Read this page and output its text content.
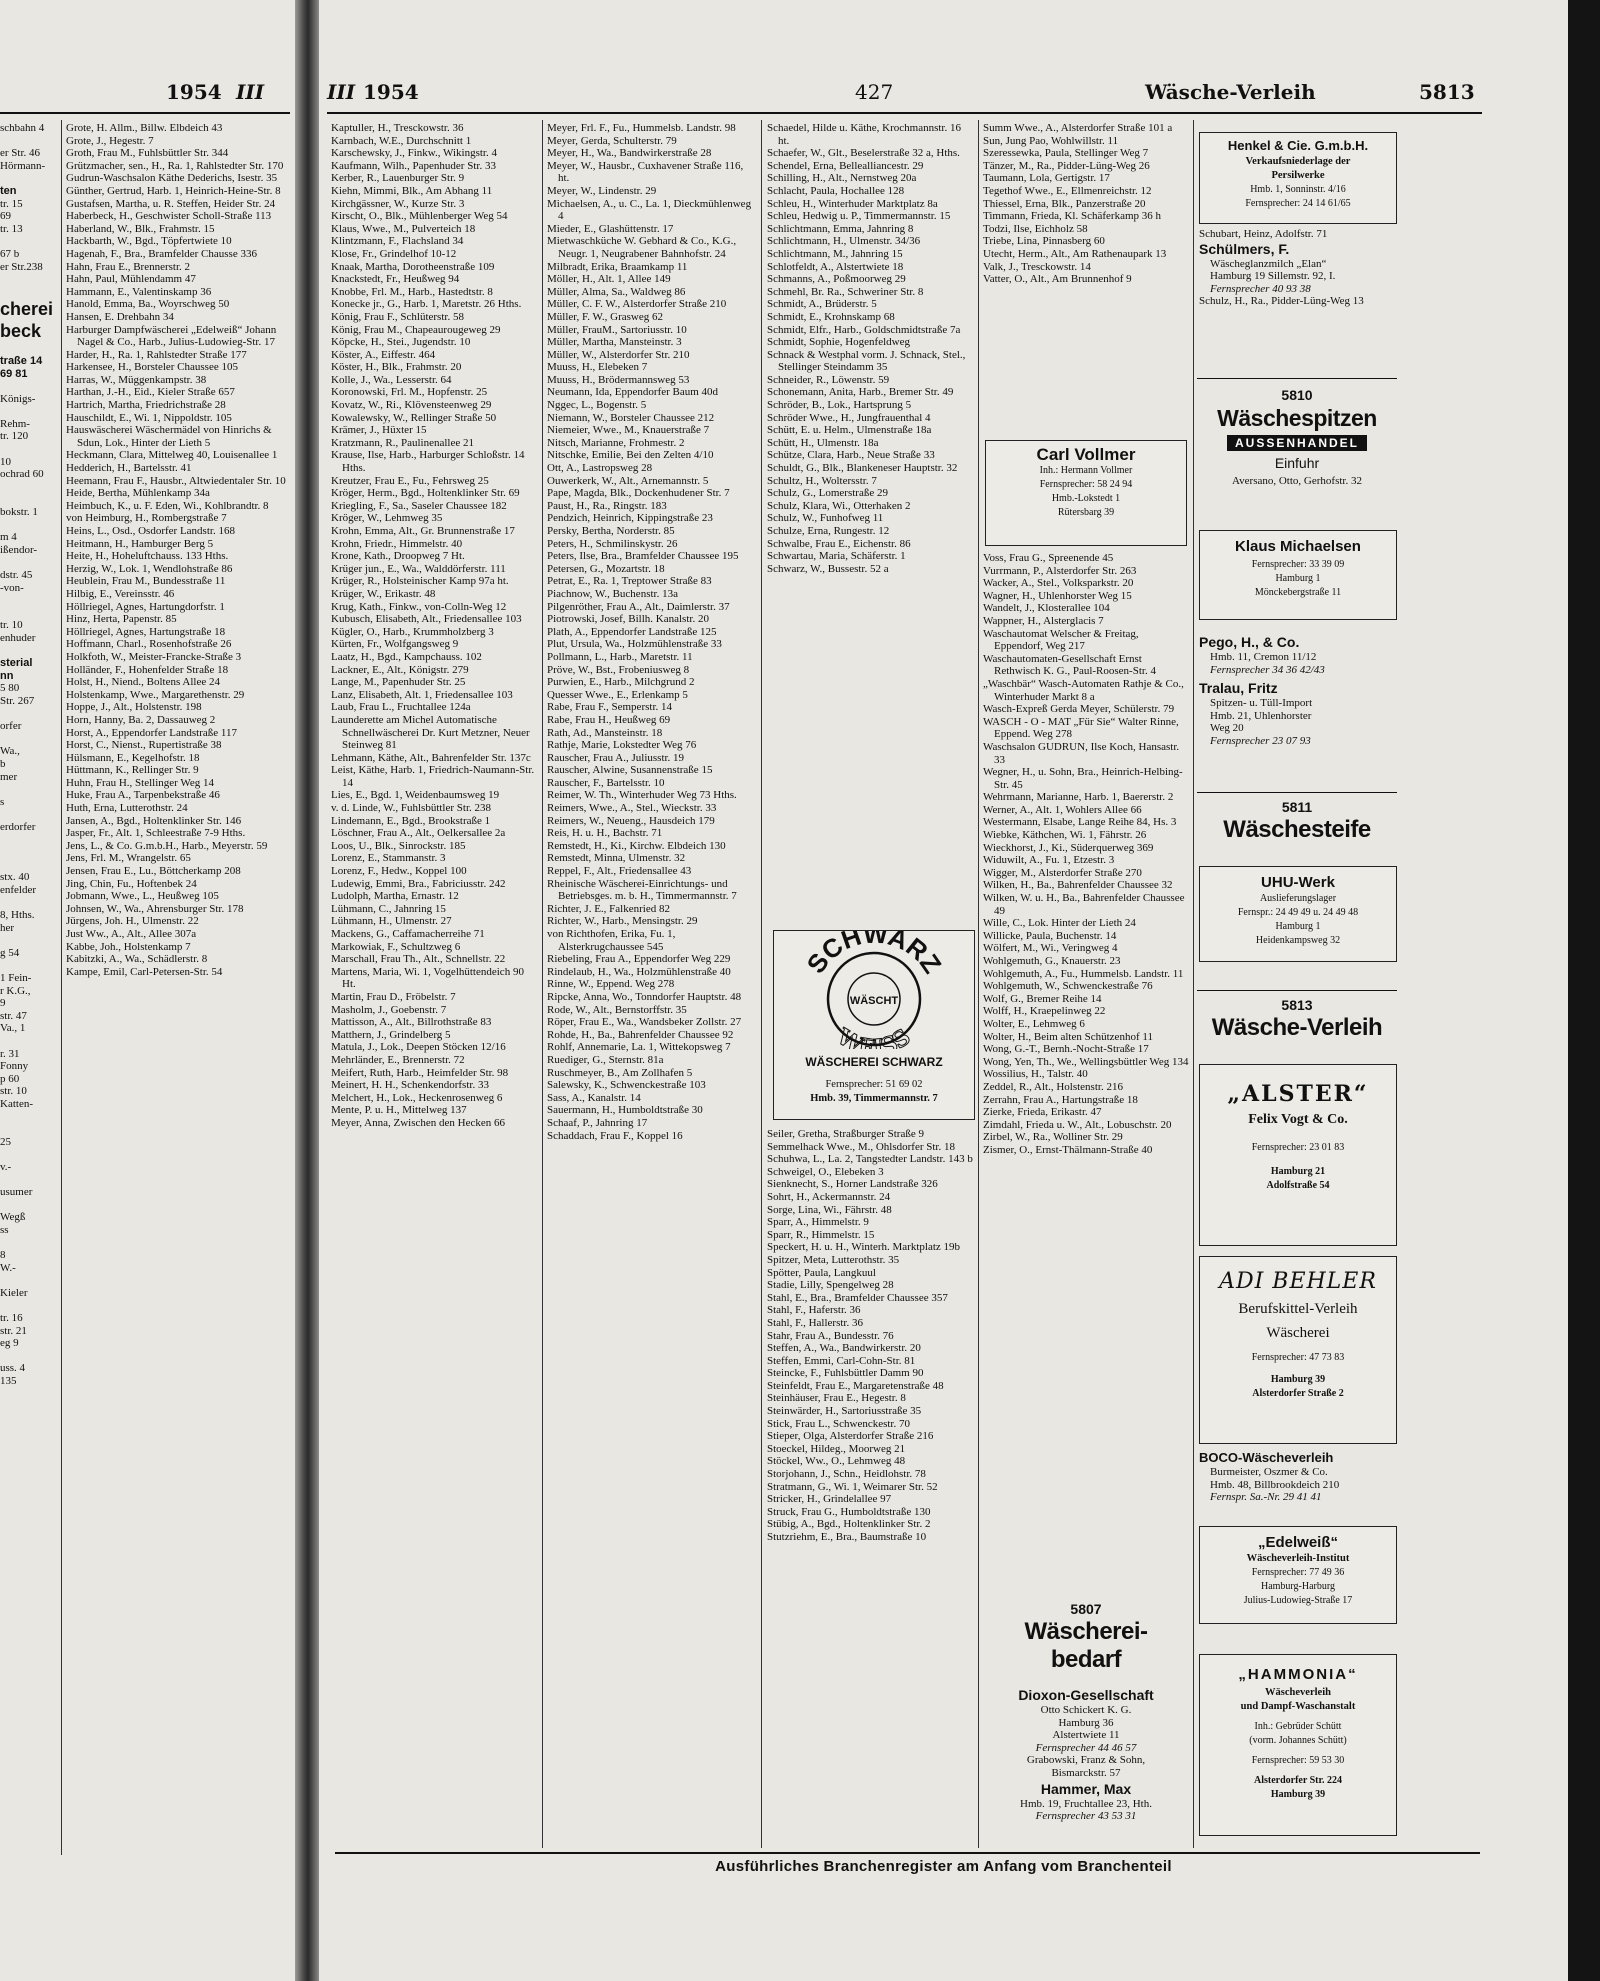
1954 III
schbahn 4

er Str. 46
Hörmann-

ten
tr. 15
69
tr. 13

67 b
er Str.238

cherei
beck

traße 14
69 81

Königs-

Rehm-
tr. 120

10
ochrad 60

bokstr. 1

m 4
ißendor-

dstr. 45
-von-

tr. 10
enhuder

sterial
nn
5 80
Str. 267

orfer

Wa.,
b
mer

s

erdorfer

stx. 40
enfelder

8, Hths.
her

g 54

1 Fein-
r K.G.,
9
str. 47
Va., 1

r. 31
Fonny
p 60
str. 10
Katten-

25

v.-

usumer

Wegß
ss

8
W.-

Kieler

tr. 16
str. 21
eg 9

uss. 4
135
Grote, H. Allm., Billw. Elbdeich 43
Grote, J., Hegestr. 7
Groth, Frau M., Fuhlsbüttler Str. 344
Grützmacher, sen., H., Ra. 1, Rahlstedter Str. 170
Gudrun-Waschsalon Käthe Dederichs, Isestr. 35
Günther, Gertrud, Harb. 1, Heinrich-Heine-Str. 8
Gustafsen, Martha, u. R. Steffen, Heider Str. 24
Haberbeck, H., Geschwister Scholl-Straße 113
Haberland, W., Blk., Frahmstr. 15
Hackbarth, W., Bgd., Töpfertwiete 10
Hagenah, F., Bra., Bramfelder Chausse 336
Hahn, Frau E., Brennerstr. 2
Hahn, Paul, Mühlendamm 47
Hammann, E., Valentinskamp 36
Hanold, Emma, Ba., Woyrschweg 50
Hansen, E. Drehbahn 34
Harburger Dampfwäscherei „Edelweiß“ Johann Nagel & Co., Harb., Julius-Ludowieg-Str. 17
Harder, H., Ra. 1, Rahlstedter Straße 177
Harkensee, H., Borsteler Chaussee 105
Harras, W., Müggenkampstr. 38
Harthan, J.-H., Eid., Kieler Straße 657
Hartrich, Martha, Friedrichstraße 28
Hauschildt, E., Wi. 1, Nippoldstr. 105
Hauswäscherei Wäschermädel von Hinrichs & Sdun, Lok., Hinter der Lieth 5
Heckmann, Clara, Mittelweg 40, Louisenallee 1
Hedderich, H., Bartelsstr. 41
Heemann, Frau F., Hausbr., Altwiedentaler Str. 10
Heide, Bertha, Mühlenkamp 34a
Heimbuch, K., u. F. Eden, Wi., Kohlbrandtr. 8
von Heimburg, H., Rombergstraße 7
Heins, L., Osd., Osdorfer Landstr. 168
Heitmann, H., Hamburger Berg 5
Heite, H., Hoheluftchauss. 133 Hths.
Herzig, W., Lok. 1, Wendlohstraße 86
Heublein, Frau M., Bundesstraße 11
Hilbig, E., Vereinsstr. 46
Höllriegel, Agnes, Hartungdorfstr. 1
Hinz, Herta, Papenstr. 85
Höllriegel, Agnes, Hartungstraße 18
Hoffmann, Charl., Rosenhofstraße 26
Holkfoth, W., Meister-Francke-Straße 3
Holländer, F., Hohenfelder Straße 18
Holst, H., Niend., Boltens Allee 24
Holstenkamp, Wwe., Margarethenstr. 29
Hoppe, J., Alt., Holstenstr. 198
Horn, Hanny, Ba. 2, Dassauweg 2
Horst, A., Eppendorfer Landstraße 117
Horst, C., Nienst., Rupertistraße 38
Hülsmann, E., Kegelhofstr. 18
Hüttmann, K., Rellinger Str. 9
Huhn, Frau H., Stellinger Weg 14
Huke, Frau A., Tarpenbekstraße 46
Huth, Erna, Lutterothstr. 24
Jansen, A., Bgd., Holtenklinker Str. 146
Jasper, Fr., Alt. 1, Schleestraße 7-9 Hths.
Jens, L., & Co. G.m.b.H., Harb., Meyerstr. 59
Jens, Frl. M., Wrangelstr. 65
Jensen, Frau E., Lu., Böttcherkamp 208
Jing, Chin, Fu., Hoftenbek 24
Jobmann, Wwe., L., Heußweg 105
Johnsen, W., Wa., Ahrensburger Str. 178
Jürgens, Joh. H., Ulmenstr. 22
Just Ww., A., Alt., Allee 307a
Kabbe, Joh., Holstenkamp 7
Kabitzki, A., Wa., Schädlerstr. 8
Kampe, Emil, Carl-Petersen-Str. 54
III 1954	427	Wäsche-Verleih	5813
Kaptuller, H., Tresckowstr. 36
Karnbach, W.E., Durchschnitt 1
Karschewsky, J., Finkw., Wikingstr. 4
Kaufmann, Wilh., Papenhuder Str. 33
Kerber, R., Lauenburger Str. 9
Kiehn, Mimmi, Blk., Am Abhang 11
Kirchgässner, W., Kurze Str. 3
Kirscht, O., Blk., Mühlenberger Weg 54
Klaus, Wwe., M., Pulverteich 18
Klintzmann, F., Flachsland 34
Klose, Fr., Grindelhof 10-12
Knaak, Martha, Dorotheenstraße 109
Knackstedt, Fr., Heußweg 94
Knobbe, Frl. M., Harb., Hastedtstr. 8
Konecke jr., G., Harb. 1, Maretstr. 26 Hths.
König, Frau F., Schlüterstr. 58
König, Frau M., Chapeaurougeweg 29
Köpcke, H., Stei., Jugendstr. 10
Köster, A., Eiffestr. 464
Köster, H., Blk., Frahmstr. 20
Kolle, J., Wa., Lesserstr. 64
Koronowski, Frl. M., Hopfenstr. 25
Kovatz, W., Ri., Klövensteenweg 29
Kowalewsky, W., Rellinger Straße 50
Krämer, J., Hüxter 15
Kratzmann, R., Paulinenallee 21
Krause, Ilse, Harb., Harburger Schloßstr. 14 Hths.
Kreutzer, Frau E., Fu., Fehrsweg 25
Kröger, Herm., Bgd., Holtenklinker Str. 69
Kriegling, F., Sa., Saseler Chaussee 182
Kröger, W., Lehmweg 35
Krohn, Emma, Alt., Gr. Brunnenstraße 17
Krohn, Friedr., Himmelstr. 40
Krone, Kath., Droopweg 7 Ht.
Krüger jun., E., Wa., Walddörferstr. 111
Krüger, R., Holsteinischer Kamp 97a ht.
Krüger, W., Erikastr. 48
Krug, Kath., Finkw., von-Colln-Weg 12
Kubusch, Elisabeth, Alt., Friedensallee 103
Kügler, O., Harb., Krummholzberg 3
Kürten, Fr., Wolfgangsweg 9
Laatz, H., Bgd., Kampchauss. 102
Lackner, E., Alt., Königstr. 279
Lange, M., Papenhuder Str. 25
Lanz, Elisabeth, Alt. 1, Friedensallee 103
Laub, Frau L., Fruchtallee 124a
Launderette am Michel Automatische Schnellwäscherei Dr. Kurt Metzner, Neuer Steinweg 81
Lehmann, Käthe, Alt., Bahrenfelder Str. 137c
Leist, Käthe, Harb. 1, Friedrich-Naumann-Str. 14
Lies, E., Bgd. 1, Weidenbaumsweg 19
v. d. Linde, W., Fuhlsbüttler Str. 238
Lindemann, E., Bgd., Brookstraße 1
Löschner, Frau A., Alt., Oelkersallee 2a
Loos, U., Blk., Sinrockstr. 185
Lorenz, E., Stammanstr. 3
Lorenz, F., Hedw., Koppel 100
Ludewig, Emmi, Bra., Fabriciusstr. 242
Ludolph, Martha, Ernastr. 12
Lühmann, C., Jahnring 15
Lühmann, H., Ulmenstr. 27
Mackens, G., Caffamacherreihe 71
Markowiak, F., Schultzweg 6
Marschall, Frau Th., Alt., Schnellstr. 22
Martens, Maria, Wi. 1, Vogelhüttendeich 90 Ht.
Martin, Frau D., Fröbelstr. 7
Masholm, J., Goebenstr. 7
Mattisson, A., Alt., Billrothstraße 83
Matthern, J., Grindelberg 5
Matula, J., Lok., Deepen Stöcken 12/16
Mehrländer, E., Brennerstr. 72
Meifert, Ruth, Harb., Heimfelder Str. 98
Meinert, H. H., Schenkendorfstr. 33
Melchert, H., Lok., Heckenrosenweg 6
Mente, P. u. H., Mittelweg 137
Meyer, Anna, Zwischen den Hecken 66
Meyer, Frl. F., Fu., Hummelsb. Landstr. 98
Meyer, Gerda, Schulterstr. 79
Meyer, H., Wa., Bandwirkerstraße 28
Meyer, W., Hausbr., Cuxhavener Straße 116, ht.
Meyer, W., Lindenstr. 29
Michaelsen, A., u. C., La. 1, Dieckmühlenweg 4
Mieder, E., Glashüttenstr. 17
Mietwaschküche W. Gebhard & Co., K.G., Neugr. 1, Neugrabener Bahnhofstr. 24
Milbradt, Erika, Braamkamp 11
Möller, H., Alt. 1, Allee 149
Müller, Alma, Sa., Waldweg 86
Müller, C. F. W., Alsterdorfer Straße 210
Müller, F. W., Grasweg 62
Müller, FrauM., Sartoriusstr. 10
Müller, Martha, Mansteinstr. 3
Müller, W., Alsterdorfer Str. 210
Muuss, H., Elebeken 7
Muuss, H., Brödermannsweg 53
Neumann, Ida, Eppendorfer Baum 40d
Nggec, L., Bogenstr. 5
Niemann, W., Borsteler Chaussee 212
Niemeier, Wwe., M., Knauerstraße 7
Nitsch, Marianne, Frohmestr. 2
Nitschke, Emilie, Bei den Zelten 4/10
Ott, A., Lastropsweg 28
Ouwerkerk, W., Alt., Arnemannstr. 5
Pape, Magda, Blk., Dockenhudener Str. 7
Paust, H., Ra., Ringstr. 183
Pendzich, Heinrich, Kippingstraße 23
Persky, Bertha, Norderstr. 85
Peters, H., Schmilinskystr. 26
Peters, Ilse, Bra., Bramfelder Chaussee 195
Petersen, G., Mozartstr. 18
Petrat, E., Ra. 1, Treptower Straße 83
Piachnow, W., Buchenstr. 13a
Pilgenröther, Frau A., Alt., Daimlerstr. 37
Piotrowski, Josef, Billh. Kanalstr. 20
Plath, A., Eppendorfer Landstraße 125
Plut, Ursula, Wa., Holzmühlenstraße 33
Pollmann, L., Harb., Maretstr. 11
Pröve, W., Bst., Frobeniusweg 8
Purwien, E., Harb., Milchgrund 2
Quesser Wwe., E., Erlenkamp 5
Rabe, Frau F., Semperstr. 14
Rabe, Frau H., Heußweg 69
Rath, Ad., Mansteinstr. 18
Rathje, Marie, Lokstedter Weg 76
Rauscher, Frau A., Juliusstr. 19
Rauscher, Alwine, Susannenstraße 15
Rauscher, F., Bartelsstr. 10
Reimer, W. Th., Winterhuder Weg 73 Hths.
Reimers, Wwe., A., Stel., Wieckstr. 33
Reimers, W., Neueng., Hausdeich 179
Reis, H. u. H., Bachstr. 71
Remstedt, H., Ki., Kirchw. Elbdeich 130
Remstedt, Minna, Ulmenstr. 32
Reppel, F., Alt., Friedensallee 43
Rheinische Wäscherei-Einrichtungs- und Betriebsges. m. b. H., Timmermannstr. 7
Richter, J. E., Falkenried 82
Richter, W., Harb., Mensingstr. 29
von Richthofen, Erika, Fu. 1, Alsterkrugchaussee 545
Riebeling, Frau A., Eppendorfer Weg 229
Rindelaub, H., Wa., Holzmühlenstraße 40
Rinne, W., Eppend. Weg 278
Ripcke, Anna, Wo., Tonndorfer Hauptstr. 48
Rode, W., Alt., Bernstorffstr. 35
Röper, Frau E., Wa., Wandsbeker Zollstr. 27
Rohde, H., Ba., Bahrenfelder Chaussee 92
Rohlf, Annemarie, La. 1, Wittekopsweg 7
Ruediger, G., Sternstr. 81a
Ruschmeyer, B., Am Zollhafen 5
Salewsky, K., Schwenckestraße 103
Sass, A., Kanalstr. 14
Sauermann, H., Humboldtstraße 30
Schaaf, P., Jahnring 17
Schaddach, Frau F., Koppel 16
Schaedel, Hilde u. Käthe, Krochmannstr. 16 ht.
Schaefer, W., Glt., Beselerstraße 32 a, Hths.
Schendel, Erna, Bellealliancestr. 29
Schilling, H., Alt., Nernstweg 20a
Schlacht, Paula, Hochallee 128
Schleu, H., Winterhuder Marktplatz 8a
Schleu, Hedwig u. P., Timmermannstr. 15
Schlichtmann, Emma, Jahnring 8
Schlichtmann, H., Ulmenstr. 34/36
Schlichtmann, M., Jahnring 15
Schlotfeldt, A., Alstertwiete 18
Schmanns, A., Poßmoorweg 29
Schmehl, Br. Ra., Schweriner Str. 8
Schmidt, A., Brüderstr. 5
Schmidt, E., Krohnskamp 68
Schmidt, Elfr., Harb., Goldschmidtstraße 7a
Schmidt, Sophie, Hogenfeldweg
Schnack & Westphal vorm. J. Schnack, Stel., Stellinger Steindamm 35
Schneider, R., Löwenstr. 59
Schonemann, Anita, Harb., Bremer Str. 49
Schröder, B., Lok., Hartsprung 5
Schröder Wwe., H., Jungfrauenthal 4
Schütt, E. u. Helm., Ulmenstraße 18a
Schütt, H., Ulmenstr. 18a
Schütze, Clara, Harb., Neue Straße 33
Schuldt, G., Blk., Blankeneser Hauptstr. 32
Schultz, H., Woltersstr. 7
Schulz, G., Lomerstraße 29
Schulz, Klara, Wi., Otterhaken 2
Schulz, W., Funhofweg 11
Schulze, Erna, Rungestr. 12
Schwalbe, Frau E., Eichenstr. 86
Schwartau, Maria, Schäferstr. 1
Schwarz, W., Bussestr. 52 a
Seiler, Gretha, Straßburger Straße 9
Semmelhack Wwe., M., Ohlsdorfer Str. 18
Schuhwa, L., La. 2, Tangstedter Landstr. 143 b
Schweigel, O., Elebeken 3
Sienknecht, S., Horner Landstraße 326
Sohrt, H., Ackermannstr. 24
Sorge, Lina, Wi., Fährstr. 48
Sparr, A., Himmelstr. 9
Sparr, R., Himmelstr. 15
Speckert, H. u. H., Winterh. Marktplatz 19b
Spitzer, Meta, Lutterothstr. 35
Spötter, Paula, Langkuul
Stadie, Lilly, Spengelweg 28
Stahl, E., Bra., Bramfelder Chaussee 357
Stahl, F., Haferstr. 36
Stahl, F., Hallerstr. 36
Stahr, Frau A., Bundesstr. 76
Steffen, A., Wa., Bandwirkerstr. 20
Steffen, Emmi, Carl-Cohn-Str. 81
Steincke, F., Fuhlsbüttler Damm 90
Steinfeldt, Frau E., Margaretenstraße 48
Steinhäuser, Frau E., Hegestr. 8
Steinwärder, H., Sartoriusstraße 35
Stick, Frau L., Schwenckestr. 70
Stieper, Olga, Alsterdorfer Straße 216
Stoeckel, Hildeg., Moorweg 21
Stöckel, Ww., O., Lehmweg 48
Storjohann, J., Schn., Heidlohstr. 78
Stratmann, G., Wi. 1, Weimarer Str. 52
Stricker, H., Grindelallee 97
Struck, Frau G., Humboldtstraße 130
Stübig, A., Bgd., Holtenklinker Str. 2
Stutzriehm, E., Bra., Baumstraße 10
Summ Wwe., A., Alsterdorfer Straße 101 a
Sun, Jung Pao, Wohlwillstr. 11
Szeressewka, Paula, Stellinger Weg 7
Tänzer, M., Ra., Pidder-Lüng-Weg 26
Taumann, Lola, Gertigstr. 17
Tegethof Wwe., E., Ellmenreichstr. 12
Thiessel, Erna, Blk., Panzerstraße 20
Timmann, Frieda, Kl. Schäferkamp 36 h
Todzi, Ilse, Eichholz 58
Triebe, Lina, Pinnasberg 60
Utecht, Herm., Alt., Am Rathenaupark 13
Valk, J., Tresckowstr. 14
Vatter, O., Alt., Am Brunnenhof 9
Carl Vollmer
Inh.: Hermann Vollmer
Fernsprecher: 58 24 94
Hmb.-Lokstedt 1
Rütersbarg 39
Voss, Frau G., Spreenende 45
Vurrmann, P., Alsterdorfer Str. 263
Wacker, A., Stel., Volksparkstr. 20
Wagner, H., Uhlenhorster Weg 15
Wandelt, J., Klosterallee 104
Wappner, H., Alsterglacis 7
Waschautomat Welscher & Freitag, Eppendorf, Weg 217
Waschautomaten-Gesellschaft Ernst Rethwisch K. G., Paul-Roosen-Str. 4
„Waschbär“ Wasch-Automaten Rathje & Co., Winterhuder Markt 8 a
Wasch-Expreß Gerda Meyer, Schülerstr. 79
WASCH - O - MAT „Für Sie“ Walter Rinne, Eppend. Weg 278
Waschsalon GUDRUN, Ilse Koch, Hansastr. 33
Wegner, H., u. Sohn, Bra., Heinrich-Helbing-Str. 45
Wehrmann, Marianne, Harb. 1, Baererstr. 2
Werner, A., Alt. 1, Wohlers Allee 66
Westermann, Elsabe, Lange Reihe 84, Hs. 3
Wiebke, Käthchen, Wi. 1, Fährstr. 26
Wieckhorst, J., Ki., Süderquerweg 369
Widuwilt, A., Fu. 1, Etzestr. 3
Wigger, M., Alsterdorfer Straße 270
Wilken, H., Ba., Bahrenfelder Chaussee 32
Wilken, W. u. H., Ba., Bahrenfelder Chaussee 49
Wille, C., Lok. Hinter der Lieth 24
Willicke, Paula, Buchenstr. 14
Wölfert, M., Wi., Veringweg 4
Wohlgemuth, G., Knauerstr. 23
Wohlgemuth, A., Fu., Hummelsb. Landstr. 11
Wohlgemuth, W., Schwenckestraße 76
Wolf, G., Bremer Reihe 14
Wolff, H., Kraepelinweg 22
Wolter, E., Lehmweg 6
Wolter, H., Beim alten Schützenhof 11
Wong, G.-T., Bernh.-Nocht-Straße 17
Wong, Yen, Th., We., Wellingsbüttler Weg 134
Wossilius, H., Talstr. 40
Zeddel, R., Alt., Holstenstr. 216
Zerrahn, Frau A., Hartungstraße 18
Zierke, Frieda, Erikastr. 47
Zimdahl, Frieda u. W., Alt., Lobuschstr. 20
Zirbel, W., Ra., Wolliner Str. 29
Zismer, O., Ernst-Thälmann-Straße 40
5807
Wäscherei-
bedarf
Dioxon-Gesellschaft
Otto Schickert K. G.
Hamburg 36
Alstertwiete 11
Fernsprecher 44 46 57
Grabowski, Franz & Sohn,
Bismarckstr. 57
Hammer, Max
Hmb. 19, Fruchtallee 23, Hth.
Fernsprecher 43 53 31
Henkel & Cie. G.m.b.H.
Verkaufsniederlage der
Persilwerke
Hmb. 1, Sonninstr. 4/16
Fernsprecher: 24 14 61/65
Schubart, Heinz, Adolfstr. 71
Schülmers, F.
Wäscheglanzmilch „Elan“
Hamburg 19 Sillemstr. 92, I.
Fernsprecher 40 93 38
Schulz, H., Ra., Pidder-Lüng-Weg 13
5810
Wäschespitzen
AUSSENHANDEL
Einfuhr
Aversano, Otto, Gerhofstr. 32
Klaus Michaelsen
Fernsprecher: 33 39 09
Hamburg 1
Mönckebergstraße 11
Pego, H., & Co.
Hmb. 11, Cremon 11/12
Fernsprecher 34 36 42/43
Tralau, Fritz
Spitzen- u. Tüll-Import
Hmb. 21, Uhlenhorster
Weg 20
Fernsprecher 23 07 93
5811
Wäschesteife
UHU-Werk
Auslieferungslager
Fernspr.: 24 49 49 u. 24 49 48
Hamburg 1
Heidenkampsweg 32
5813
Wäsche-Verleih
„ALSTER“
Felix Vogt & Co.
Fernsprecher: 23 01 83
Hamburg 21
Adolfstraße 54
ADI BEHLER
Berufskittel-Verleih
Wäscherei
Fernsprecher: 47 73 83
Hamburg 39
Alsterdorfer Straße 2
BOCO-Wäscheverleih
Burmeister, Oszmer & Co.
Hmb. 48, Billbrookdeich 210
Fernspr. Sa.-Nr. 29 41 41
„Edelweiß“
Wäscheverleih-Institut
Fernsprecher: 77 49 36
Hamburg-Harburg
Julius-Ludowieg-Straße 17
„HAMMONIA“
Wäscheverleih
und Dampf-Waschanstalt
Inh.: Gebrüder Schütt
(vorm. Johannes Schütt)
Fernsprecher: 59 53 30
Alsterdorfer Str. 224
Hamburg 39
Ausführliches Branchenregister am Anfang vom Branchenteil
SCHWARZ
WÄSCHT
WEISS
WÄSCHEREI SCHWARZ
Fernsprecher: 51 69 02
Hmb. 39, Timmermannstr. 7
